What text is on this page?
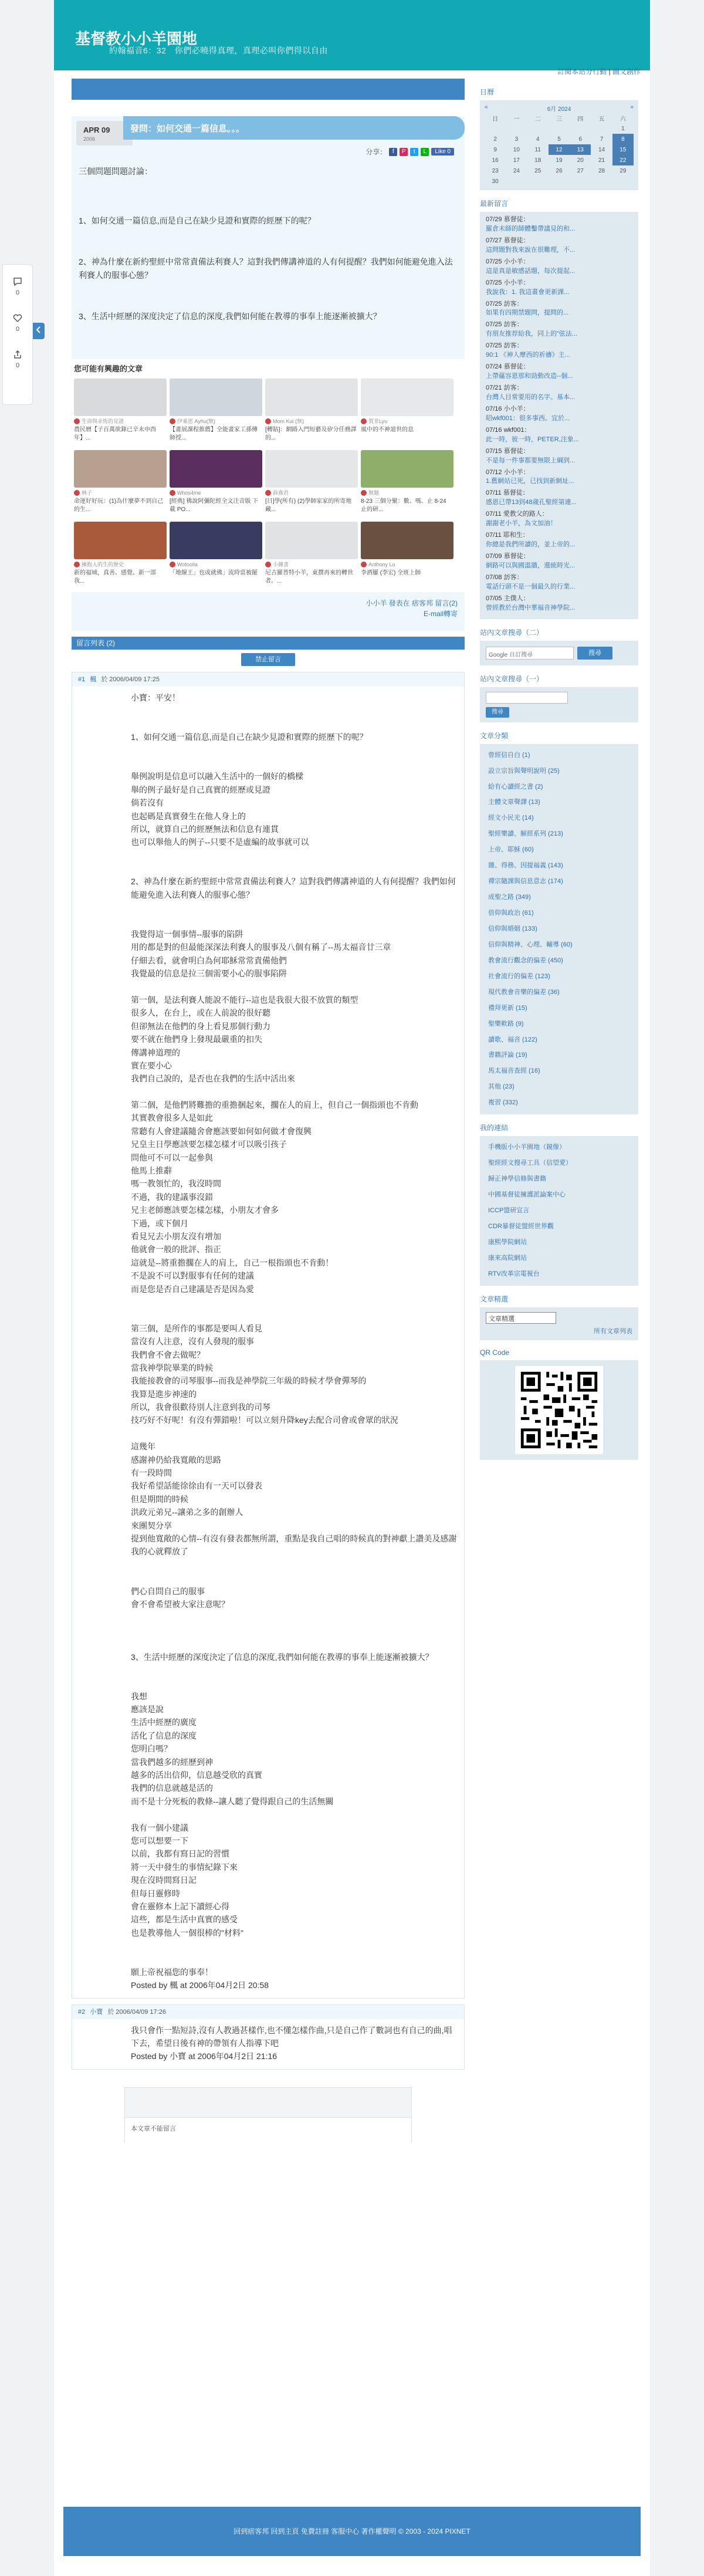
基督教小小羊園地
約翰福音6：32　你們必曉得真理，真理必叫你們得以自由
訂閱本站分行動 | 圖文創作
APR 09
2006
發問：如何交通一篇信息。。。
分享： f	P	t	L	Like 0

三個問題問題討論：

1、如何交通一篇信息,而是自己在缺少見證和實際的經歷下的呢？

2、神為什麼在新約聖經中常常責備法利賽人？這對我們傳講神道的人有何提醒？我們如何能避免進入法利賽人的服事心態？

3、生活中經歷的深度決定了信息的深度,我們如何能在教導的事奉上能逐漸被擴大？

您可能有興趣的文章
生命與永恆的見證
農民曆【子百萬欲錄已辛未申酉年】...
伊萊恩 Ayhu(無)
【畫展課程推薦】全能畫家工孫傳師授...
Mom Kui (無)
[轉貼]：網路入門短藝及矽分任務譯的...
賀菲Lyu
風中的不神道世的息
林子
命運好好玩：(1)為什麼夢不到自己的生...
Whos4me
[經典] 佛說阿彌陀經全文注音版 下載 PO...
薛燕君
[日]學(所有) (2)學師家家的所寄地藏...
無題
8-23 三個分聚：數、嗎、止 8-24 止的研...
擁抱人的生的歷史
新的福域，真善、感覺。新一部我...
Wotoolla
「地線王」也或就佛」流時當被罷
小鐘書
尼古羅普特小羊，東撰再來的轉世者。...
Anthony Lu
李酒屢 (李宏) 全班上師
小小羊 發表在 痞客邦 留言(2)
E-mail轉寄
留言列表 (2)
禁止留言
#1 楓 於 2006/04/09 17:25
小寶：平安！

1、如何交通一篇信息,而是自己在缺少見證和實際的經歷下的呢？

舉例說明是信息可以融入生活中的一個好的橋樑
舉的例子最好是自己真實的經歷或見證
倘若沒有
也起碼是真實發生在他人身上的
所以，就算自己的經歷無法和信息有連貫
也可以舉他人的例子--只要不是虛編的故事就可以

2、神為什麼在新約聖經中常常責備法利賽人？這對我們傳講神道的人有何提醒？我們如何能避免進入法利賽人的服事心態？

我覺得這一個事情--服事的陷阱
用的都是對的但最能深深法利賽人的服事及八個有稱了--馬太福音廿三章
仔細去看，就會明白為何耶穌常常責備他們
我覺最的信息是拉三個需要小心的服事陷阱

第一個，是法利賽人能說不能行--這也是我很大很不放質的類型
很多人，在台上，或在人前說的很好聽
但卻無法在他們的身上看見那個行動力
要不就在他們身上發現最嚴重的扣失
傳講神道理的
實在要小心
我們自己說的，是否也在我們的生活中活出來

第二個，是他們將難擔的重擔捆起來，擱在人的肩上，但自己一個指頭也不肯動
其實教會很多人是如此
常聽有人會建議隨舍會應該要如何如何做才會復興
兄皇主日學應該要怎樣怎樣才可以吸引孩子
問他可不可以一起參與
他馬上推辭
嗎一教領忙的，我沒時間
不過，我的建議事沒錯
兄主老師應該要怎樣怎樣，小朋友才會多
下過，或下個月
看見兄去小朋友沒有增加
他就會一般的批評、指正
這就是--將重擔擱在人的肩上，自己一根指頭也不肯動！
不是說不可以對服事有任何的建議
而是您是否自己建議是否是因為愛

第三個，是所作的事都是要叫人看見
當沒有人注意，沒有人發現的服事
我們會不會去做呢？
當我神學院畢業的時候
我能接教會的司琴服事--而我是神學院三年級的時候才學會彈琴的
我算是進步神速的
所以，我會很歡待別人注意到我的司琴
技巧好不好呢！有沒有彈錯啦！可以立刻升降key去配合司會或會眾的狀況

這幾年
感謝神仍給我寬敞的思路
有一段時間
我好希望話能徐徐由有一天可以發表
但是期間的時候
洪政元弟兄--讓弟之多的創辦人
來團契分享
提到他寬敞的心情--有沒有發表都無所謂，重點是我自己唱的時候真的對神獻上讚美及感謝
我的心就釋放了

們心自問自己的服事
會不會希望被大家注意呢？

3、生活中經歷的深度決定了信息的深度,我們如何能在教導的事奉上能逐漸被擴大？

我想
應該是說
生活中經歷的廣度
活化了信息的深度
您明白嗎？
當我們越多的經歷到神
越多的活出信仰，信息越受欣的真實
我們的信息就越是活的
而不是十分死板的教條--讓人聽了覺得跟自己的生活無關

我有一個小建議
您可以想要一下
以前，我都有寫日記的習慣
將一天中發生的事情紀錄下來
現在沒時間寫日記
但每日靈修時
會在靈修本上記下讀經心得
這些，都是生活中真實的感受
也是教導他人一個很棒的"材料"

願上帝祝福您的事奉！
Posted by 楓 at 2006年04月2日 20:58
#2 小寶 於 2006/04/09 17:26
我只會作一點短詩,沒有人教過甚樣作,也不懂怎樣作曲,只是自己作了數詞也有自己的曲,唱下去，希望日後有神的帶領有人指導下吧
Posted by 小寶 at 2006年04月2日 21:16
本文章不能留言
日曆
«	6月 2024	»
日	一	二	三	四	五	六
						1
2	3	4	5	6	7	8
9	10	11	12	13	14	15
16	17	18	19	20	21	22
23	24	25	26	27	28	29
30						
最新留言
07/29 慕督徒：
羅倉未師的師體鑿帶議見的和...
07/27 慕督徒：
這問題對我來說在很難理，不...
07/25 小小羊：
這是真是敏感話題，每次提起...
07/25 小小羊：
我說我：1. 我這畫會更新課...
07/25 訪客：
如果有四期禁題問，提問的...
07/25 訪客：
有朋友推荐給我，同上的"弦法...
07/25 訪客：
90:1 《神人摩西的祈禱》主...
07/24 慕督徒：
上帶蘊容恩那和勁動改造--個...
07/21 訪客：
台灣人目常要用的名字。基本...
07/16 小小羊：
昭wkf001：很多事西。宜於...
07/16 wkf001：
此一時，彼一時，PETER,注象...
07/15 慕督徒：
不是每一件事都要無限上綱到...
07/12 小小羊：
1.舊網站已死，已找到新網址...
07/11 慕督徒：
感恩已帶13到48歲孔聖經第連...
07/11 愛教父的路人：
謝謝老小羊，為文加油！
07/11 耶和生：
你總是我們所讀的，並上帝的...
07/09 慕督徒：
網路可以與國溫牆，還統時光...
07/08 訪客：
電話行頭不是一個最久的行業...
07/05 主僕人：
曾經教於台灣中華福音神學院...
站內文章搜尋（二）
Google 自訂搜尋	搜尋
站內文章搜尋（一）
搜尋
文章分類
曾經信自白 (1)
設立宗旨與聲明說明 (25)
給有心讀經之書 (2)
主體文章聲譯 (13)
經文小民光 (14)
聖經樂讀、解經系列 (213)
上帝、耶穌 (60)
雜、得務、因提福義 (143)
禪宗隨課與信息意志 (174)
成聖之路 (349)
倍仰與政治 (61)
信仰與婚姻 (133)
信仰與精神、心理、輔導 (60)
教會流行觀念的偏差 (450)
社會流行的偏差 (123)
現代教會音樂的偏差 (36)
禮拜更新 (15)
聖樂軟路 (9)
讀歌、福音 (122)
書籍評論 (19)
馬太福音查經 (16)
其他 (23)
複習 (332)
我的連結
手機版小小羊園地（鏡像）
聖經經文搜尋工具（信望愛）
歸正神學信條與書籍
中國基督徒擁護派論案中心
ICCP盟研宣言
CDR暴督徒盟經世界觀
康熙學院網站
康來高院網站
RTV改革宗電視台
文章精選
文章精選
所有文章列表
QR Code
回到痞客邦 回到主頁 免費註冊 客服中心 著作權聲明 © 2003 - 2024 PIXNET
0
0
0
